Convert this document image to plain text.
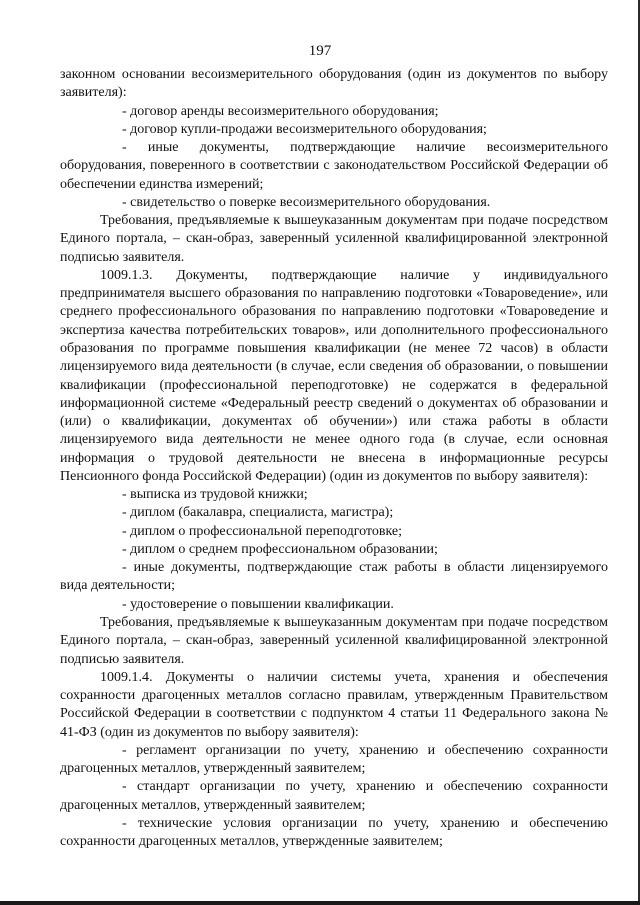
197

законном основании весоизмерительного оборудования (один из документов по выбору заявителя):

- договор аренды весоизмерительного оборудования;

- договор купли-продажи весоизмерительного оборудования;

- иные документы, подтверждающие наличие весоизмерительного оборудования, поверенного в соответствии с законодательством Российской Федерации об обеспечении единства измерений;

- свидетельство о поверке весоизмерительного оборудования.

Требования, предъявляемые к вышеуказанным документам при подаче посредством Единого портала, – скан-образ, заверенный усиленной квалифицированной электронной подписью заявителя.

1009.1.3. Документы, подтверждающие наличие у индивидуального предпринимателя высшего образования по направлению подготовки «Товароведение», или среднего профессионального образования по направлению подготовки «Товароведение и экспертиза качества потребительских товаров», или дополнительного профессионального образования по программе повышения квалификации (не менее 72 часов) в области лицензируемого вида деятельности (в случае, если сведения об образовании, о повышении квалификации (профессиональной переподготовке) не содержатся в федеральной информационной системе «Федеральный реестр сведений о документах об образовании и (или) о квалификации, документах об обучении») или стажа работы в области лицензируемого вида деятельности не менее одного года (в случае, если основная информация о трудовой деятельности не внесена в информационные ресурсы Пенсионного фонда Российской Федерации) (один из документов по выбору заявителя):

- выписка из трудовой книжки;

- диплом (бакалавра, специалиста, магистра);

- диплом о профессиональной переподготовке;

- диплом о среднем профессиональном образовании;

- иные документы, подтверждающие стаж работы в области лицензируемого вида деятельности;

- удостоверение о повышении квалификации.

Требования, предъявляемые к вышеуказанным документам при подаче посредством Единого портала, – скан-образ, заверенный усиленной квалифицированной электронной подписью заявителя.

1009.1.4. Документы о наличии системы учета, хранения и обеспечения сохранности драгоценных металлов согласно правилам, утвержденным Правительством Российской Федерации в соответствии с подпунктом 4 статьи 11 Федерального закона № 41-ФЗ (один из документов по выбору заявителя):

- регламент организации по учету, хранению и обеспечению сохранности драгоценных металлов, утвержденный заявителем;

- стандарт организации по учету, хранению и обеспечению сохранности драгоценных металлов, утвержденный заявителем;

- технические условия организации по учету, хранению и обеспечению сохранности драгоценных металлов, утвержденные заявителем;
